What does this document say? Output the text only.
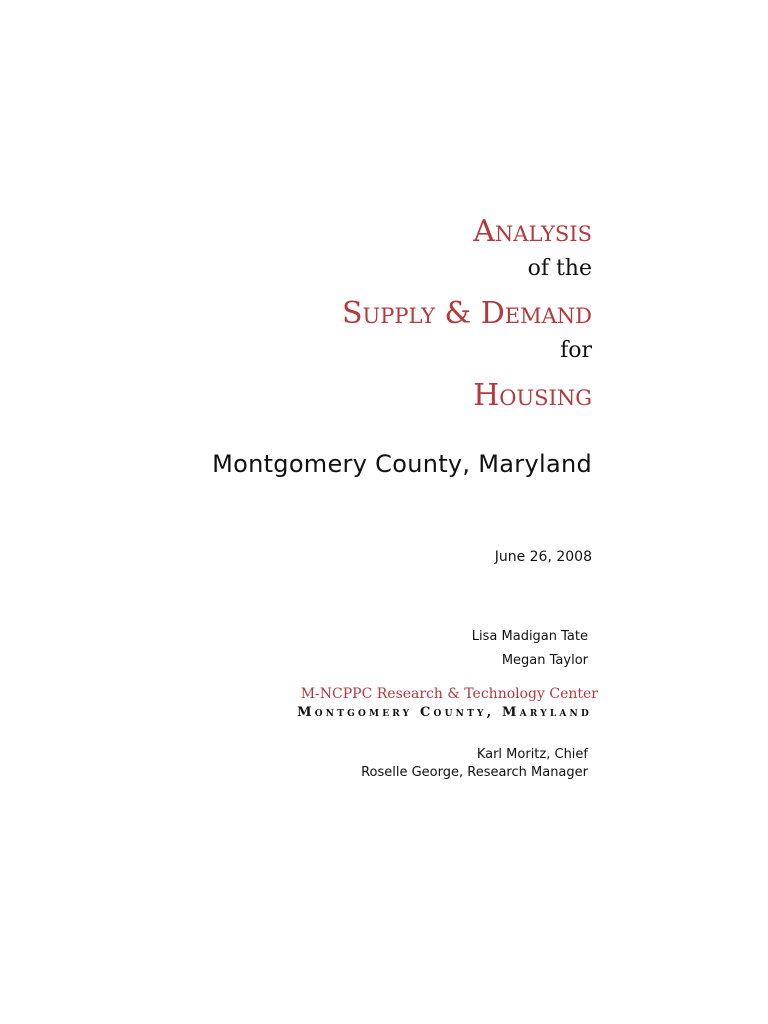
Analysis
of the
Supply & Demand
for
Housing
Montgomery County, Maryland
June 26, 2008
Lisa Madigan Tate
Megan Taylor
M-NCPPC Research & Technology Center
Montgomery County, Maryland
Karl Moritz, Chief
Roselle George, Research Manager
